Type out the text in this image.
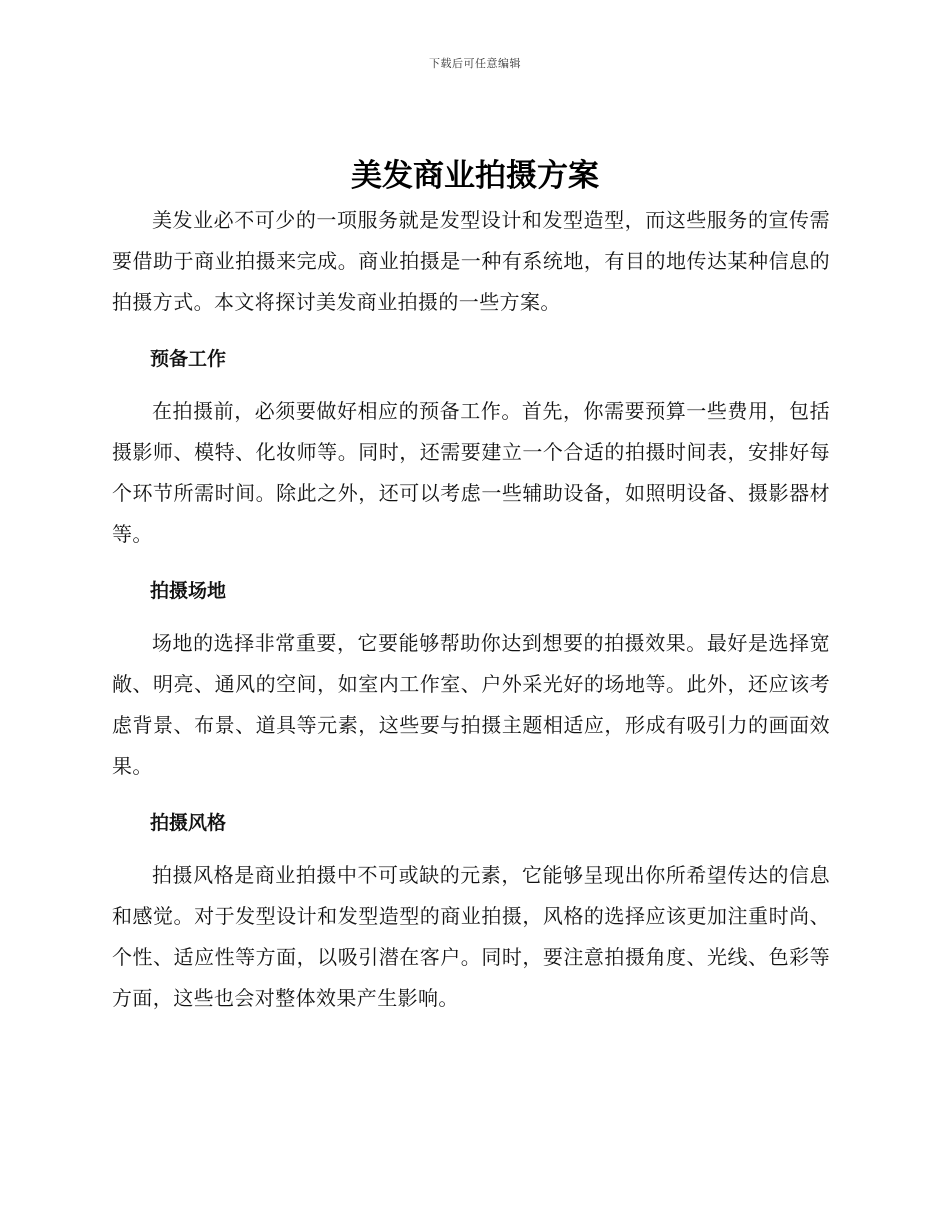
下载后可任意编辑
美发商业拍摄方案

美发业必不可少的一项服务就是发型设计和发型造型，而这些服务的宣传需要借助于商业拍摄来完成。商业拍摄是一种有系统地，有目的地传达某种信息的拍摄方式。本文将探讨美发商业拍摄的一些方案。

预备工作

在拍摄前，必须要做好相应的预备工作。首先，你需要预算一些费用，包括摄影师、模特、化妆师等。同时，还需要建立一个合适的拍摄时间表，安排好每个环节所需时间。除此之外，还可以考虑一些辅助设备，如照明设备、摄影器材等。

拍摄场地

场地的选择非常重要，它要能够帮助你达到想要的拍摄效果。最好是选择宽敞、明亮、通风的空间，如室内工作室、户外采光好的场地等。此外，还应该考虑背景、布景、道具等元素，这些要与拍摄主题相适应，形成有吸引力的画面效果。

拍摄风格

拍摄风格是商业拍摄中不可或缺的元素，它能够呈现出你所希望传达的信息和感觉。对于发型设计和发型造型的商业拍摄，风格的选择应该更加注重时尚、个性、适应性等方面，以吸引潜在客户。同时，要注意拍摄角度、光线、色彩等方面，这些也会对整体效果产生影响。
